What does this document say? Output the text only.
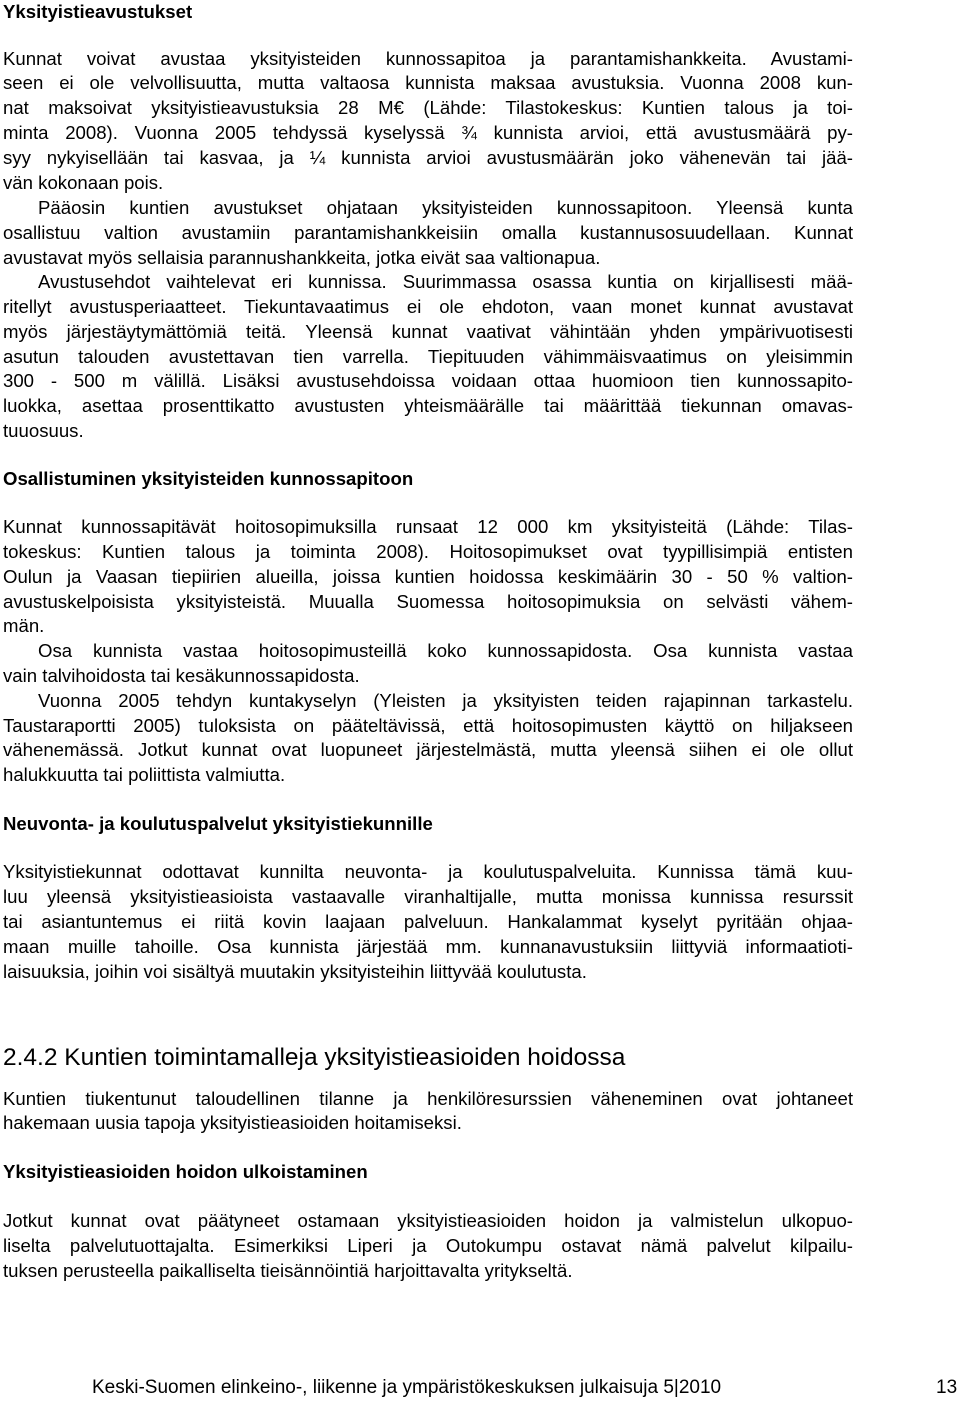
Yksityistieavustukset
Kunnat voivat avustaa yksityisteiden kunnossapitoa ja parantamishankkeita. Avustami-
seen ei ole velvollisuutta, mutta valtaosa kunnista maksaa avustuksia. Vuonna 2008 kun-
nat maksoivat yksityistieavustuksia 28 M€ (Lähde: Tilastokeskus: Kuntien talous ja toi-
minta 2008). Vuonna 2005 tehdyssä kyselyssä ¾ kunnista arvioi, että avustusmäärä py-
syy nykyisellään tai kasvaa, ja ¼ kunnista arvioi avustusmäärän joko vähenevän tai jää-
vän kokonaan pois.
Pääosin kuntien avustukset ohjataan yksityisteiden kunnossapitoon. Yleensä kunta
osallistuu valtion avustamiin parantamishankkeisiin omalla kustannusosuudellaan. Kunnat
avustavat myös sellaisia parannushankkeita, jotka eivät saa valtionapua.
Avustusehdot vaihtelevat eri kunnissa. Suurimmassa osassa kuntia on kirjallisesti mää-
ritellyt avustusperiaatteet. Tiekuntavaatimus ei ole ehdoton, vaan monet kunnat avustavat
myös järjestäytymättömiä teitä. Yleensä kunnat vaativat vähintään yhden ympärivuotisesti
asutun talouden avustettavan tien varrella. Tiepituuden vähimmäisvaatimus on yleisimmin
300 - 500 m välillä. Lisäksi avustusehdoissa voidaan ottaa huomioon tien kunnossapito-
luokka, asettaa prosenttikatto avustusten yhteismäärälle tai määrittää tiekunnan omavas-
tuuosuus.
Osallistuminen yksityisteiden kunnossapitoon
Kunnat kunnossapitävät hoitosopimuksilla runsaat 12 000 km yksityisteitä (Lähde: Tilas-
tokeskus: Kuntien talous ja toiminta 2008). Hoitosopimukset ovat tyypillisimpiä entisten
Oulun ja Vaasan tiepiirien alueilla, joissa kuntien hoidossa keskimäärin 30 - 50 % valtion-
avustuskelpoisista yksityisteistä. Muualla Suomessa hoitosopimuksia on selvästi vähem-
män.
Osa kunnista vastaa hoitosopimusteillä koko kunnossapidosta. Osa kunnista vastaa
vain talvihoidosta tai kesäkunnossapidosta.
Vuonna 2005 tehdyn kuntakyselyn (Yleisten ja yksityisten teiden rajapinnan tarkastelu.
Taustaraportti 2005) tuloksista on pääteltävissä, että hoitosopimusten käyttö on hiljakseen
vähenemässä. Jotkut kunnat ovat luopuneet järjestelmästä, mutta yleensä siihen ei ole ollut
halukkuutta tai poliittista valmiutta.
Neuvonta- ja koulutuspalvelut yksityistiekunnille
Yksityistiekunnat odottavat kunnilta neuvonta- ja koulutuspalveluita. Kunnissa tämä kuu-
luu yleensä yksityistieasioista vastaavalle viranhaltijalle, mutta monissa kunnissa resurssit
tai asiantuntemus ei riitä kovin laajaan palveluun. Hankalammat kyselyt pyritään ohjaa-
maan muille tahoille. Osa kunnista järjestää mm. kunnanavustuksiin liittyviä informaatioti-
laisuuksia, joihin voi sisältyä muutakin yksityisteihin liittyvää koulutusta.
2.4.2 Kuntien toimintamalleja yksityistieasioiden hoidossa
Kuntien tiukentunut taloudellinen tilanne ja henkilöresurssien väheneminen ovat johtaneet
hakemaan uusia tapoja yksityistieasioiden hoitamiseksi.
Yksityistieasioiden hoidon ulkoistaminen
Jotkut kunnat ovat päätyneet ostamaan yksityistieasioiden hoidon ja valmistelun ulkopuo-
liselta palvelutuottajalta. Esimerkiksi Liperi ja Outokumpu ostavat nämä palvelut kilpailu-
tuksen perusteella paikalliselta tieisännöintiä harjoittavalta yritykseltä.
Keski-Suomen elinkeino-, liikenne ja ympäristökeskuksen julkaisuja 5|2010	13
